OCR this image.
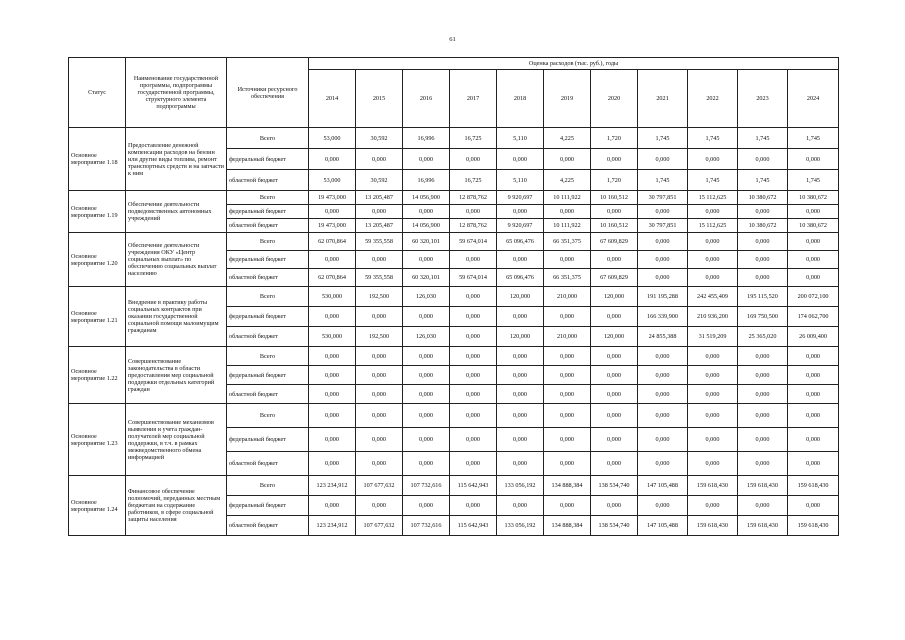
61
Статус	Наименование государственной программы, подпрограммы государственной программы, структурного элемента подпрограммы	Источники ресурсного обеспечения	Оценка расходов (тыс. руб.), годы										
			2014	2015	2016	2017	2018	2019	2020	2021	2022	2023	2024
Основное мероприятие 1.18	Предоставление денежной компенсации расходов на бензин или другие виды топлива, ремонт транспортных средств и на запчасти к ним	Всего	53,000	30,592	16,996	16,725	5,110	4,225	1,720	1,745	1,745	1,745	1,745
		федеральный бюджет	0,000	0,000	0,000	0,000	0,000	0,000	0,000	0,000	0,000	0,000	0,000
		областной бюджет	53,000	30,592	16,996	16,725	5,110	4,225	1,720	1,745	1,745	1,745	1,745
Основное мероприятие 1.19	Обеспечение деятельности подведомственных автономных учреждений	Всего	19 473,000	13 205,487	14 056,900	12 878,762	9 920,697	10 111,922	10 160,512	30 797,851	15 112,625	10 380,672	10 380,672
		федеральный бюджет	0,000	0,000	0,000	0,000	0,000	0,000	0,000	0,000	0,000	0,000	0,000
		областной бюджет	19 473,000	13 205,487	14 056,900	12 878,762	9 920,697	10 111,922	10 160,512	30 797,851	15 112,625	10 380,672	10 380,672
Основное мероприятие 1.20	Обеспечение деятельности учреждения ОКУ «Центр социальных выплат» по обеспечению социальных выплат населению	Всего	62 070,864	59 355,558	60 320,101	59 674,014	65 096,476	66 351,375	67 609,829	0,000	0,000	0,000	0,000
		федеральный бюджет	0,000	0,000	0,000	0,000	0,000	0,000	0,000	0,000	0,000	0,000	0,000
		областной бюджет	62 070,864	59 355,558	60 320,101	59 674,014	65 096,476	66 351,375	67 609,829	0,000	0,000	0,000	0,000
Основное мероприятие 1.21	Внедрение в практику работы социальных контрактов при оказании государственной социальной помощи малоимущим гражданам	Всего	530,000	192,500	126,030	0,000	120,000	210,000	120,000	191 195,288	242 455,409	195 115,520	200 072,100
		федеральный бюджет	0,000	0,000	0,000	0,000	0,000	0,000	0,000	166 339,900	210 936,200	169 750,500	174 062,700
		областной бюджет	530,000	192,500	126,030	0,000	120,000	210,000	120,000	24 855,388	31 519,209	25 365,020	26 009,400
Основное мероприятие 1.22	Совершенствование законодательства в области предоставления мер социальной поддержки отдельных категорий граждан	Всего	0,000	0,000	0,000	0,000	0,000	0,000	0,000	0,000	0,000	0,000	0,000
		федеральный бюджет	0,000	0,000	0,000	0,000	0,000	0,000	0,000	0,000	0,000	0,000	0,000
		областной бюджет	0,000	0,000	0,000	0,000	0,000	0,000	0,000	0,000	0,000	0,000	0,000
Основное мероприятие 1.23	Совершенствование механизмов выявления и учета граждан-получателей мер социальной поддержки, в т.ч. в рамках межведомственного обмена информацией	Всего	0,000	0,000	0,000	0,000	0,000	0,000	0,000	0,000	0,000	0,000	0,000
		федеральный бюджет	0,000	0,000	0,000	0,000	0,000	0,000	0,000	0,000	0,000	0,000	0,000
		областной бюджет	0,000	0,000	0,000	0,000	0,000	0,000	0,000	0,000	0,000	0,000	0,000
Основное мероприятие 1.24	Финансовое обеспечение полномочий, переданных местным бюджетам на содержание работников, в сфере социальной защиты населения	Всего	123 234,912	107 677,632	107 732,616	115 642,943	133 056,192	134 888,384	138 534,740	147 105,488	159 618,430	159 618,430	159 618,430
		федеральный бюджет	0,000	0,000	0,000	0,000	0,000	0,000	0,000	0,000	0,000	0,000	0,000
		областной бюджет	123 234,912	107 677,632	107 732,616	115 642,943	133 056,192	134 888,384	138 534,740	147 105,488	159 618,430	159 618,430	159 618,430
